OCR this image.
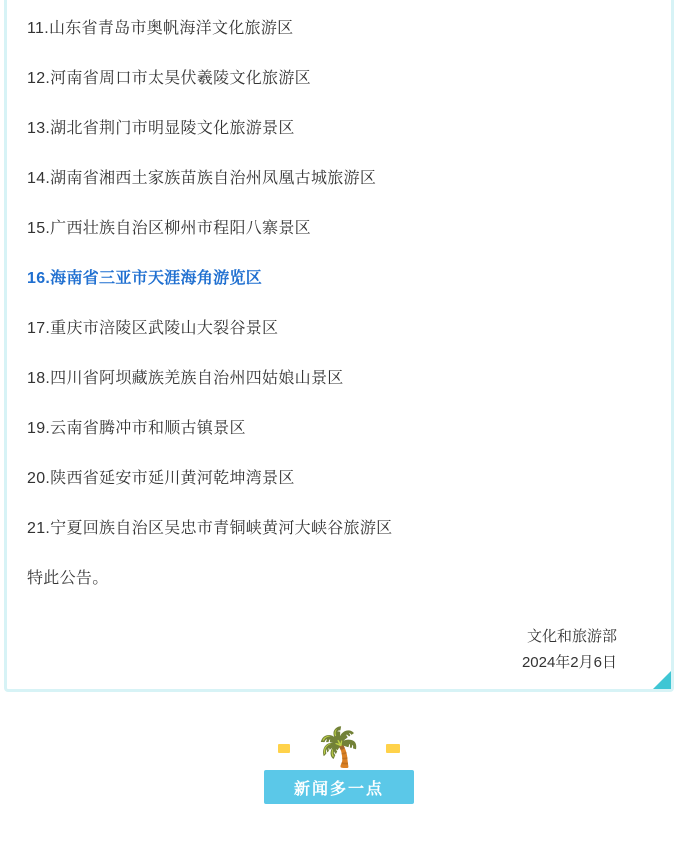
11.山东省青岛市奥帆海洋文化旅游区

12.河南省周口市太昊伏羲陵文化旅游区

13.湖北省荆门市明显陵文化旅游景区

14.湖南省湘西土家族苗族自治州凤凰古城旅游区

15.广西壮族自治区柳州市程阳八寨景区

16.海南省三亚市天涯海角游览区

17.重庆市涪陵区武陵山大裂谷景区

18.四川省阿坝藏族羌族自治州四姑娘山景区

19.云南省腾冲市和顺古镇景区

20.陕西省延安市延川黄河乾坤湾景区

21.宁夏回族自治区吴忠市青铜峡黄河大峡谷旅游区

特此公告。

文化和旅游部
2024年2月6日
🌴
新闻多一点
